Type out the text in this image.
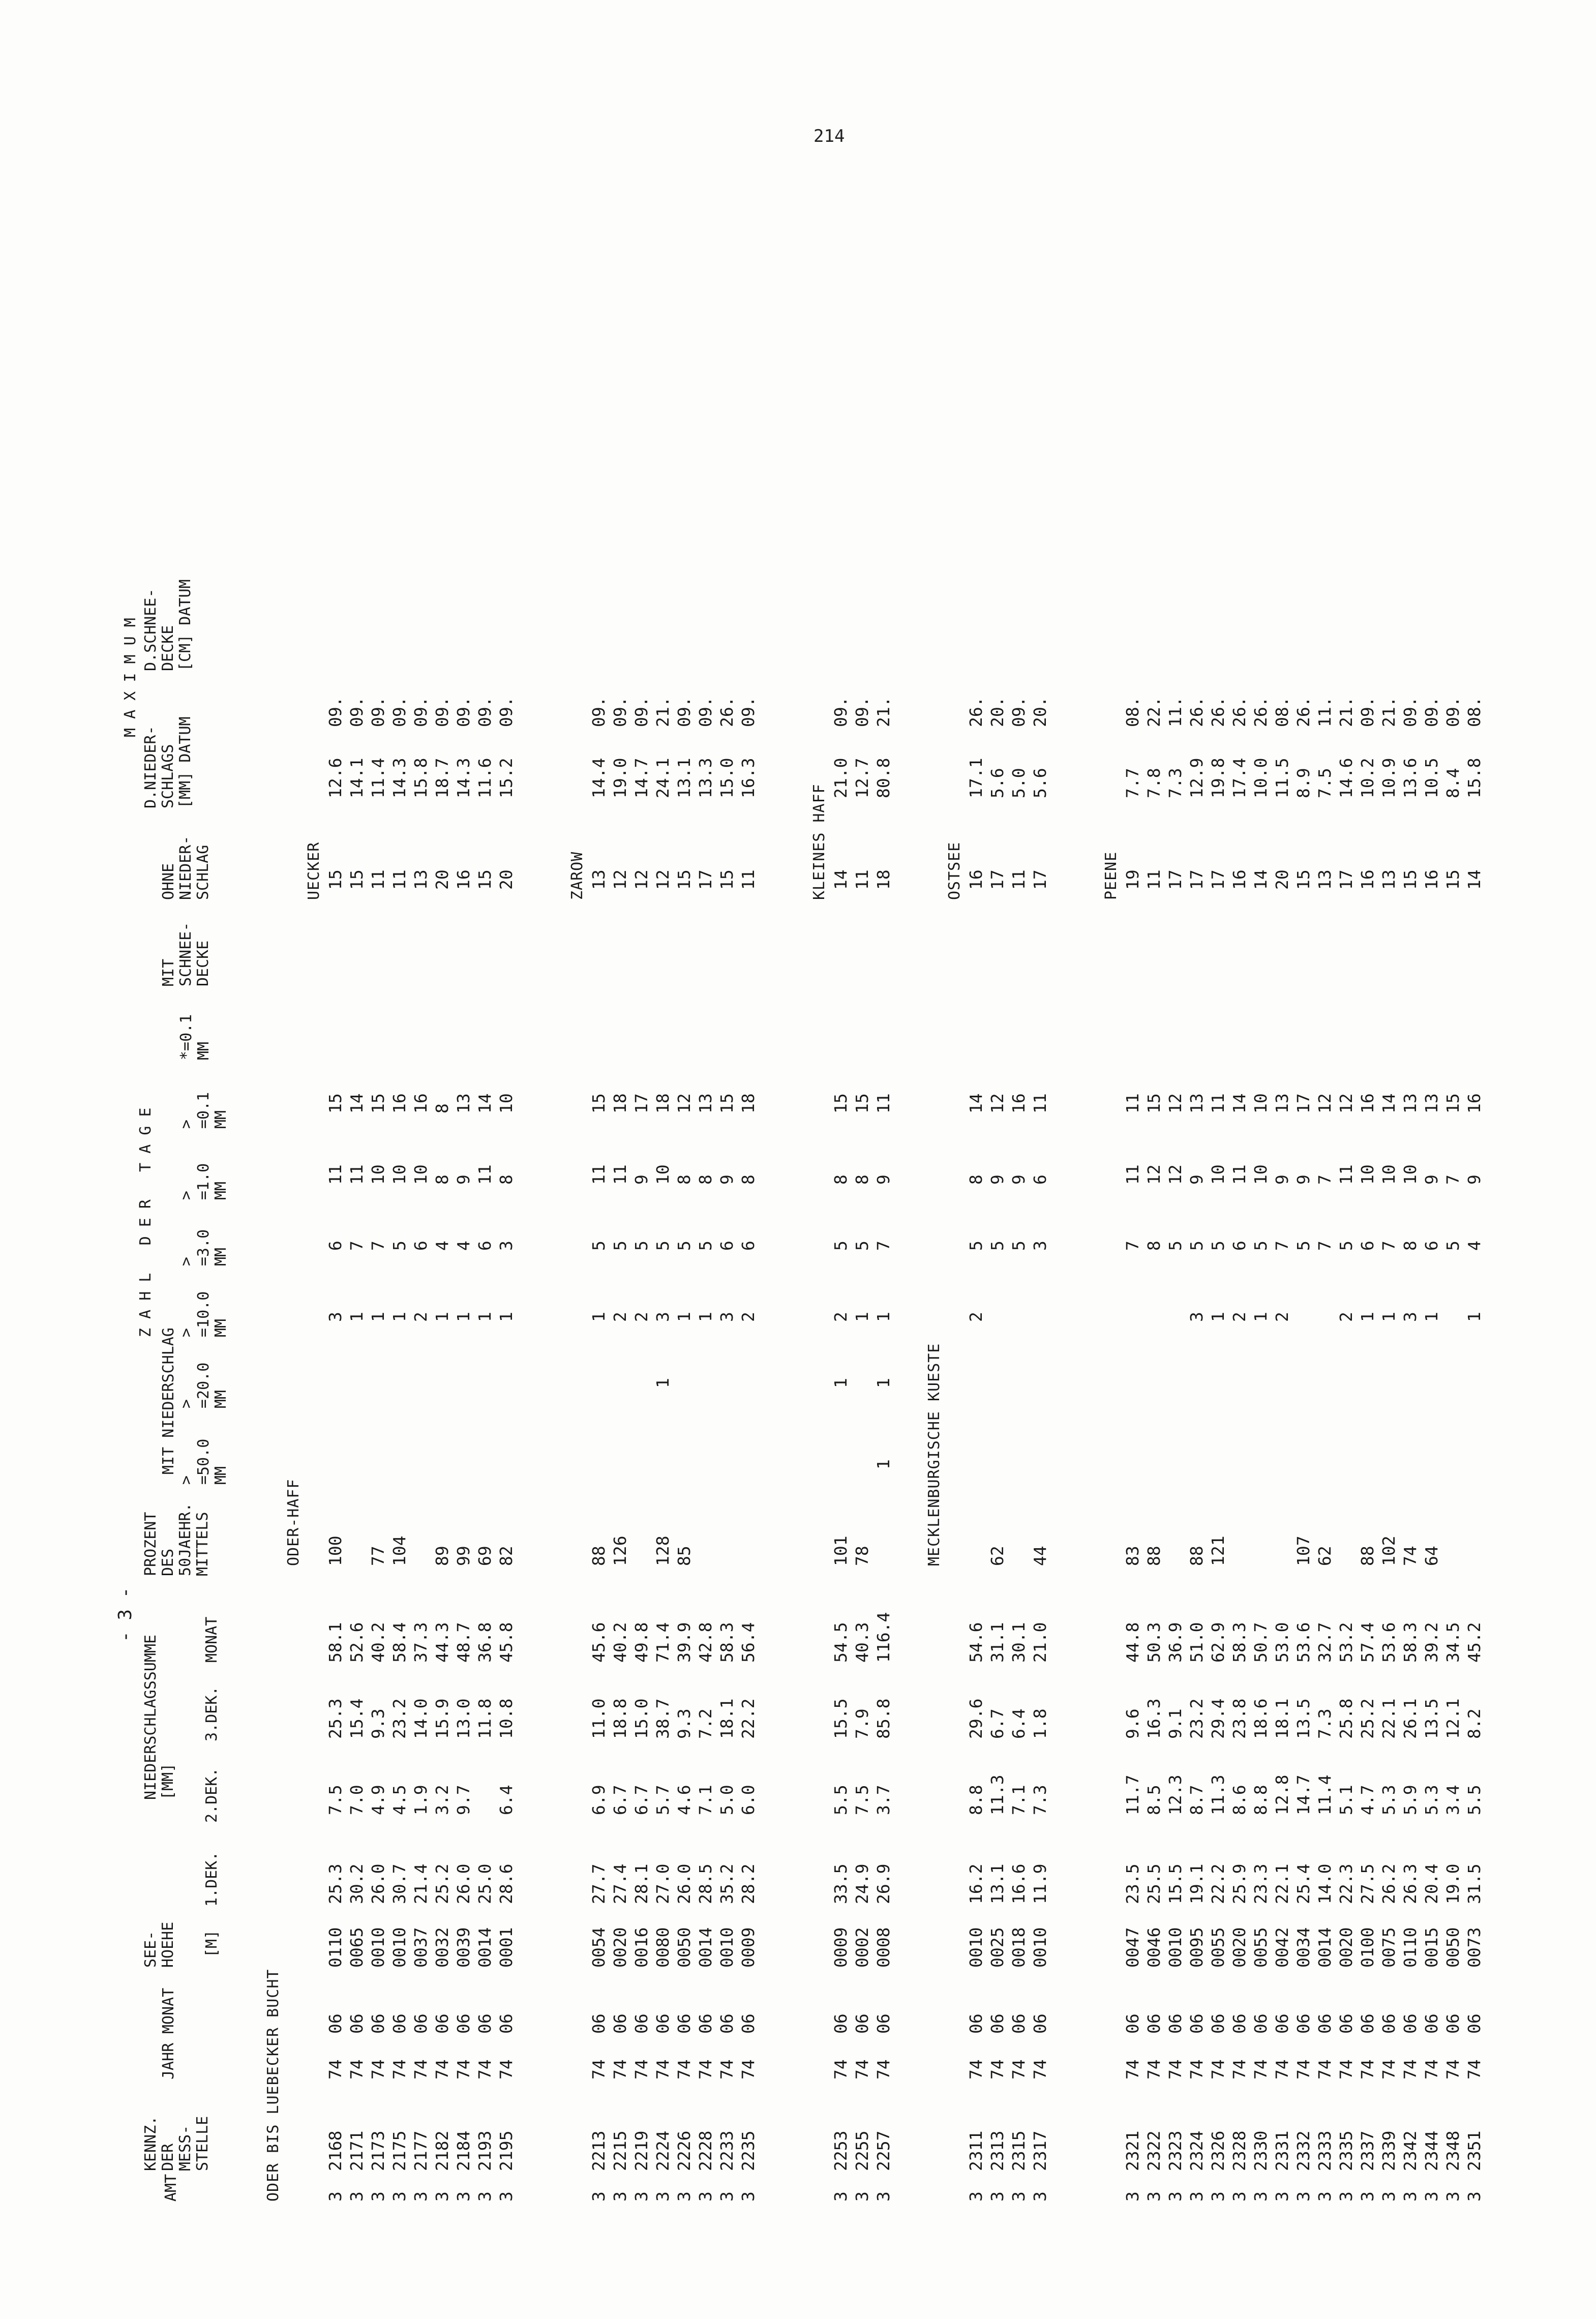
214
- 3 -
AMT
KENNZ.
DER
MESS-
STELLE
JAHR
MONAT
SEE-
HOEHE [M]
NIEDERSCHLAGSSUMME
[MM]
1.DEK.
2.DEK.
3.DEK.
MONAT
PROZENT
DES
50JAEHR.
MITTELS
Z A H L   D E R   T A G E
MIT NIEDERSCHLAG
>
=50.0
MM
>
=20.0
MM
>
=10.0
MM
>
=3.0
MM
>
=1.0
MM
>
=0.1
MM
*=0.1
MM
MIT
SCHNEE-
DECKE
OHNE
NIEDER-
SCHLAG
M A X I M U M
D.NIEDER-
SCHLAGS
[MM] DATUM
D.SCHNEE-
DECKE
[CM] DATUM
ODER BIS LUEBECKER BUCHT
ODER-HAFF
UECKER
3
2168
74
06
0110
25.3
7.5
25.3
58.1
100
3
6
11
15
15
12.6
09.
3
2171
74
06
0065
30.2
7.0
15.4
52.6
1
7
11
14
15
14.1
09.
3
2173
74
06
0010
26.0
4.9
9.3
40.2
77
1
7
10
15
11
11.4
09.
3
2175
74
06
0010
30.7
4.5
23.2
58.4
104
1
5
10
16
11
14.3
09.
3
2177
74
06
0037
21.4
1.9
14.0
37.3
2
6
10
16
13
15.8
09.
3
2182
74
06
0032
25.2
3.2
15.9
44.3
89
1
4
8
8
20
18.7
09.
3
2184
74
06
0039
26.0
9.7
13.0
48.7
99
1
4
9
13
16
14.3
09.
3
2193
74
06
0014
25.0
11.8
36.8
69
1
6
11
14
15
11.6
09.
3
2195
74
06
0001
28.6
6.4
10.8
45.8
82
1
3
8
10
20
15.2
09.
ZAROW
3
2213
74
06
0054
27.7
6.9
11.0
45.6
88
1
5
11
15
13
14.4
09.
3
2215
74
06
0020
27.4
6.7
18.8
40.2
126
2
5
11
18
12
19.0
09.
3
2219
74
06
0016
28.1
6.7
15.0
49.8
2
5
9
17
12
14.7
09.
3
2224
74
06
0080
27.0
5.7
38.7
71.4
128
1
3
5
10
18
12
24.1
21.
3
2226
74
06
0050
26.0
4.6
9.3
39.9
85
1
5
8
12
15
13.1
09.
3
2228
74
06
0014
28.5
7.1
7.2
42.8
1
5
8
13
17
13.3
09.
3
2233
74
06
0010
35.2
5.0
18.1
58.3
3
6
9
15
15
15.0
26.
3
2235
74
06
0009
28.2
6.0
22.2
56.4
2
6
8
18
11
16.3
09.
KLEINES HAFF
3
2253
74
06
0009
33.5
5.5
15.5
54.5
101
1
2
5
8
15
14
21.0
09.
3
2255
74
06
0002
24.9
7.5
7.9
40.3
78
1
5
8
15
11
12.7
09.
3
2257
74
06
0008
26.9
3.7
85.8
116.4
1
1
1
7
9
11
18
80.8
21.
MECKLENBURGISCHE KUESTE
OSTSEE
3
2311
74
06
0010
16.2
8.8
29.6
54.6
2
5
8
14
16
17.1
26.
3
2313
74
06
0025
13.1
11.3
6.7
31.1
62
5
9
12
17
5.6
20.
3
2315
74
06
0018
16.6
7.1
6.4
30.1
5
9
16
11
5.0
09.
3
2317
74
06
0010
11.9
7.3
1.8
21.0
44
3
6
11
17
5.6
20.
PEENE
3
2321
74
06
0047
23.5
11.7
9.6
44.8
83
7
11
11
19
7.7
08.
3
2322
74
06
0046
25.5
8.5
16.3
50.3
88
8
12
15
11
7.8
22.
3
2323
74
06
0010
15.5
12.3
9.1
36.9
5
12
12
17
7.3
11.
3
2324
74
06
0095
19.1
8.7
23.2
51.0
88
3
5
9
13
17
12.9
26.
3
2326
74
06
0055
22.2
11.3
29.4
62.9
121
1
5
10
11
17
19.8
26.
3
2328
74
06
0020
25.9
8.6
23.8
58.3
2
6
11
14
16
17.4
26.
3
2330
74
06
0055
23.3
8.8
18.6
50.7
1
5
10
10
14
10.0
26.
3
2331
74
06
0042
22.1
12.8
18.1
53.0
2
7
9
13
20
11.5
08.
3
2332
74
06
0034
25.4
14.7
13.5
53.6
107
5
9
17
15
8.9
26.
3
2333
74
06
0014
14.0
11.4
7.3
32.7
62
7
7
12
13
7.5
11.
3
2335
74
06
0020
22.3
5.1
25.8
53.2
2
5
11
12
17
14.6
21.
3
2337
74
06
0100
27.5
4.7
25.2
57.4
88
1
6
10
16
16
10.2
09.
3
2339
74
06
0075
26.2
5.3
22.1
53.6
102
1
7
10
14
13
10.9
21.
3
2342
74
06
0110
26.3
5.9
26.1
58.3
74
3
8
10
13
15
13.6
09.
3
2344
74
06
0015
20.4
5.3
13.5
39.2
64
1
6
9
13
16
10.5
09.
3
2348
74
06
0050
19.0
3.4
12.1
34.5
5
7
15
15
8.4
09.
3
2351
74
06
0073
31.5
5.5
8.2
45.2
1
4
9
16
14
15.8
08.
